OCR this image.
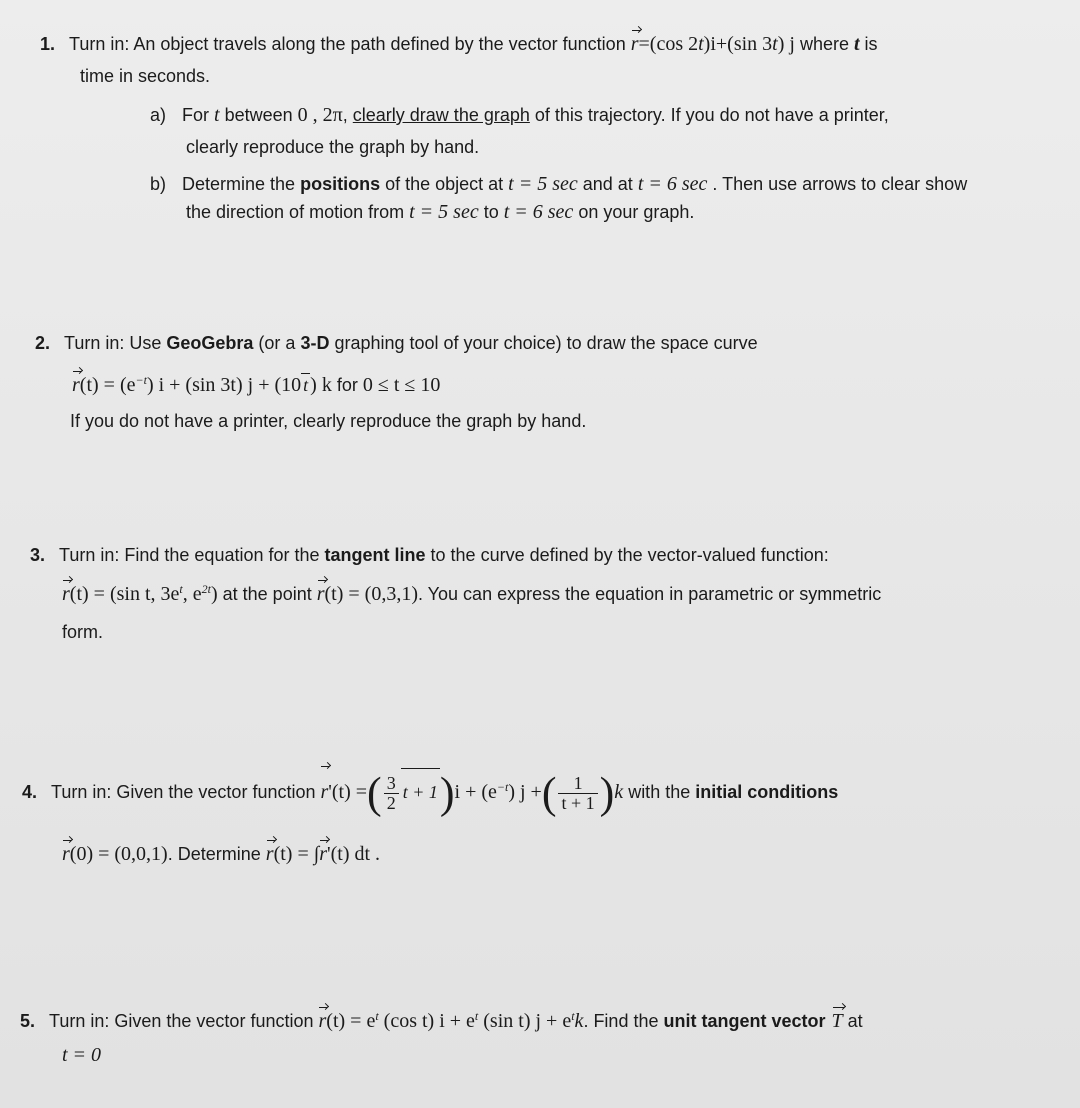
1. Turn in: An object travels along the path defined by the vector function r=(cos 2t)i+(sin 3t) j where t is
time in seconds.
a) For t between 0 , 2π, clearly draw the graph of this trajectory. If you do not have a printer,
clearly reproduce the graph by hand.
b) Determine the positions of the object at t = 5 sec and at t = 6 sec . Then use arrows to clear show
the direction of motion from t = 5 sec to t = 6 sec on your graph.
2. Turn in: Use GeoGebra (or a 3-D graphing tool of your choice) to draw the space curve
$r(t) = (e^{-t}) i + (\sin$ 3t) j + (10 t ) k for 0 ≤ t ≤ 10
If you do not have a printer, clearly reproduce the graph by hand.
3. Turn in: Find the equation for the tangent line to the curve defined by the vector-valued function:
r(t) = (sin t, $3e^t$, $e^{2t}$) at the point r(t) = (0,3,1). You can express the equation in parametric or symmetric
form.
4. Turn in: Given the vector function r'(t) =( $\frac{3}{2}$ $t + 1)i + (e^{-t})$ j +( $\frac{1}{t + 1} )k$ with the initial conditions
r(0) = (0,0,1). Determine r(t) = ∫r'(t) dt .
5. Turn in: Given the vector function $r(t) = e^t$ (cos t) $i + e^t$ (sin t) $j + e^tk$. Find the unit tangent vector T at
t = 0
